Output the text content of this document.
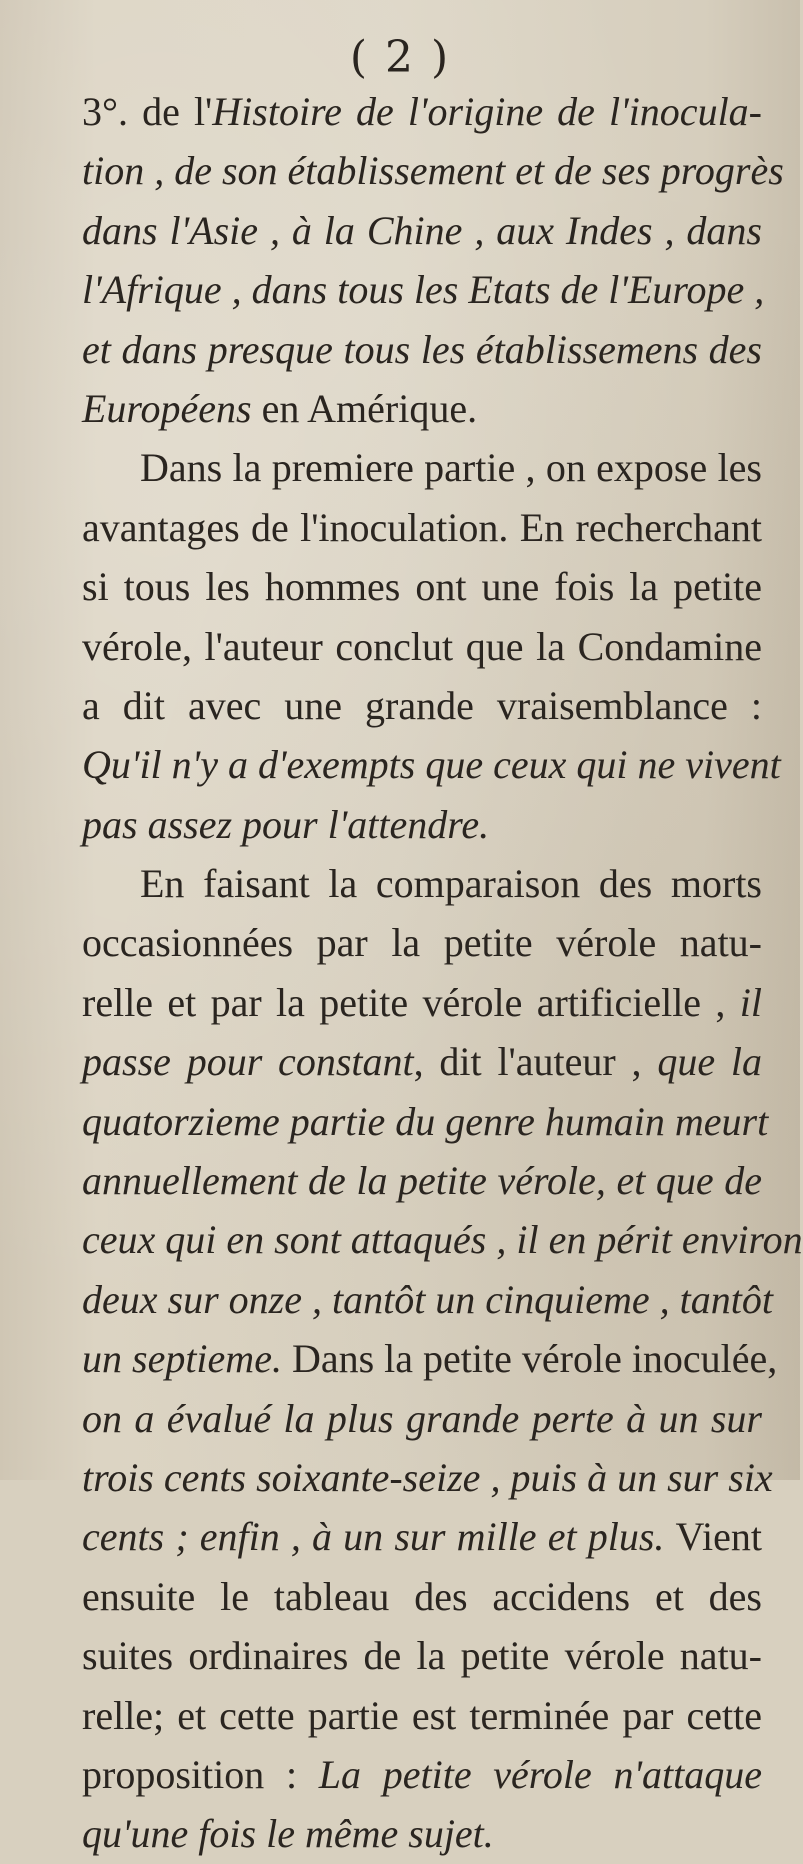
( 2 )
3°. de l'Histoire de l'origine de l'inocula-
tion , de son établissement et de ses progrès
dans l'Asie , à la Chine , aux Indes , dans
l'Afrique , dans tous les Etats de l'Europe ,
et dans presque tous les établissemens des
Européens en Amérique.
Dans la premiere partie , on expose les
avantages de l'inoculation. En recherchant
si tous les hommes ont une fois la petite
vérole, l'auteur conclut que la Condamine
a dit avec une grande vraisemblance :
Qu'il n'y a d'exempts que ceux qui ne vivent
pas assez pour l'attendre.
En faisant la comparaison des morts
occasionnées par la petite vérole natu-
relle et par la petite vérole artificielle , il
passe pour constant, dit l'auteur , que la
quatorzieme partie du genre humain meurt
annuellement de la petite vérole, et que de
ceux qui en sont attaqués , il en périt environ
deux sur onze , tantôt un cinquieme , tantôt
un septieme. Dans la petite vérole inoculée,
on a évalué la plus grande perte à un sur
trois cents soixante-seize , puis à un sur six
cents ; enfin , à un sur mille et plus. Vient
ensuite le tableau des accidens et des
suites ordinaires de la petite vérole natu-
relle; et cette partie est terminée par cette
proposition : La petite vérole n'attaque
qu'une fois le même sujet.
